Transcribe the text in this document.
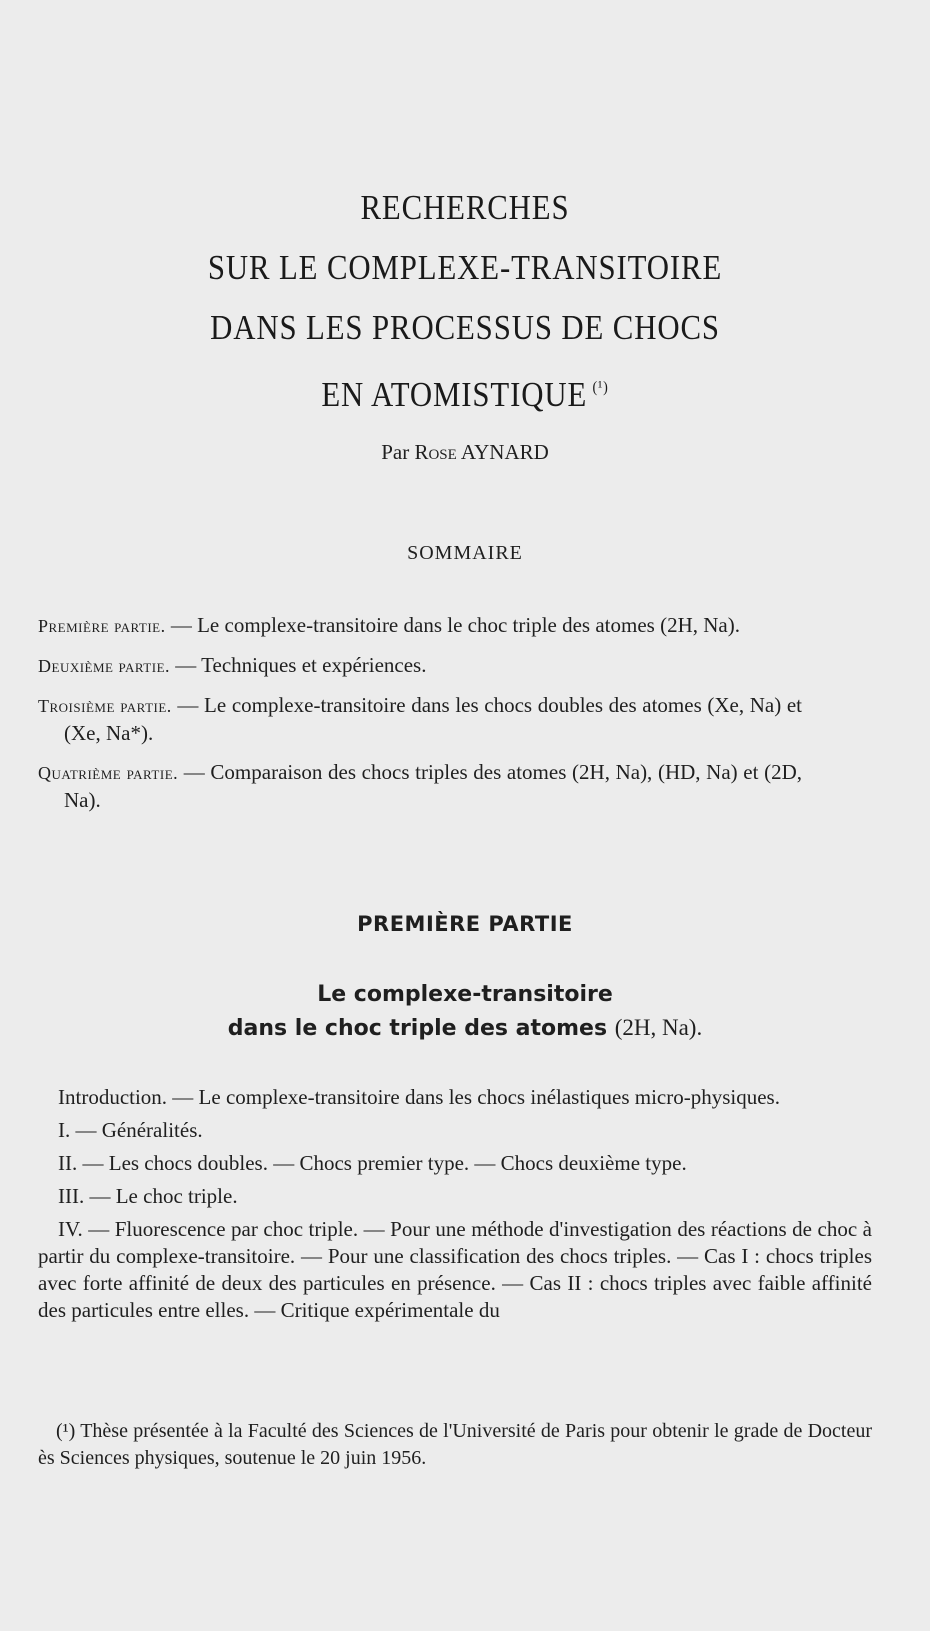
RECHERCHES
SUR LE COMPLEXE-TRANSITOIRE
DANS LES PROCESSUS DE CHOCS
EN ATOMISTIQUE $^{(^1)}$
Par Rose AYNARD
SOMMAIRE
Première partie. — Le complexe-transitoire dans le choc triple des atomes (2H, Na).
Deuxième partie. — Techniques et expériences.
Troisième partie. — Le complexe-transitoire dans les chocs doubles des atomes (Xe, Na) et (Xe, Na*).
Quatrième partie. — Comparaison des chocs triples des atomes (2H, Na), (HD, Na) et (2D, Na).
PREMIÈRE PARTIE
Le complexe-transitoire
dans le choc triple des atomes (2H, Na).

Introduction. — Le complexe-transitoire dans les chocs inélastiques micro-physiques.

I. — Généralités.

II. — Les chocs doubles. — Chocs premier type. — Chocs deuxième type.

III. — Le choc triple.

IV. — Fluorescence par choc triple. — Pour une méthode d'investigation des réactions de choc à partir du complexe-transitoire. — Pour une classification des chocs triples. — Cas I : chocs triples avec forte affinité de deux des particules en présence. — Cas II : chocs triples avec faible affinité des particules entre elles. — Critique expérimentale du

(¹) Thèse présentée à la Faculté des Sciences de l'Université de Paris pour obtenir le grade de Docteur ès Sciences physiques, soutenue le 20 juin 1956.
